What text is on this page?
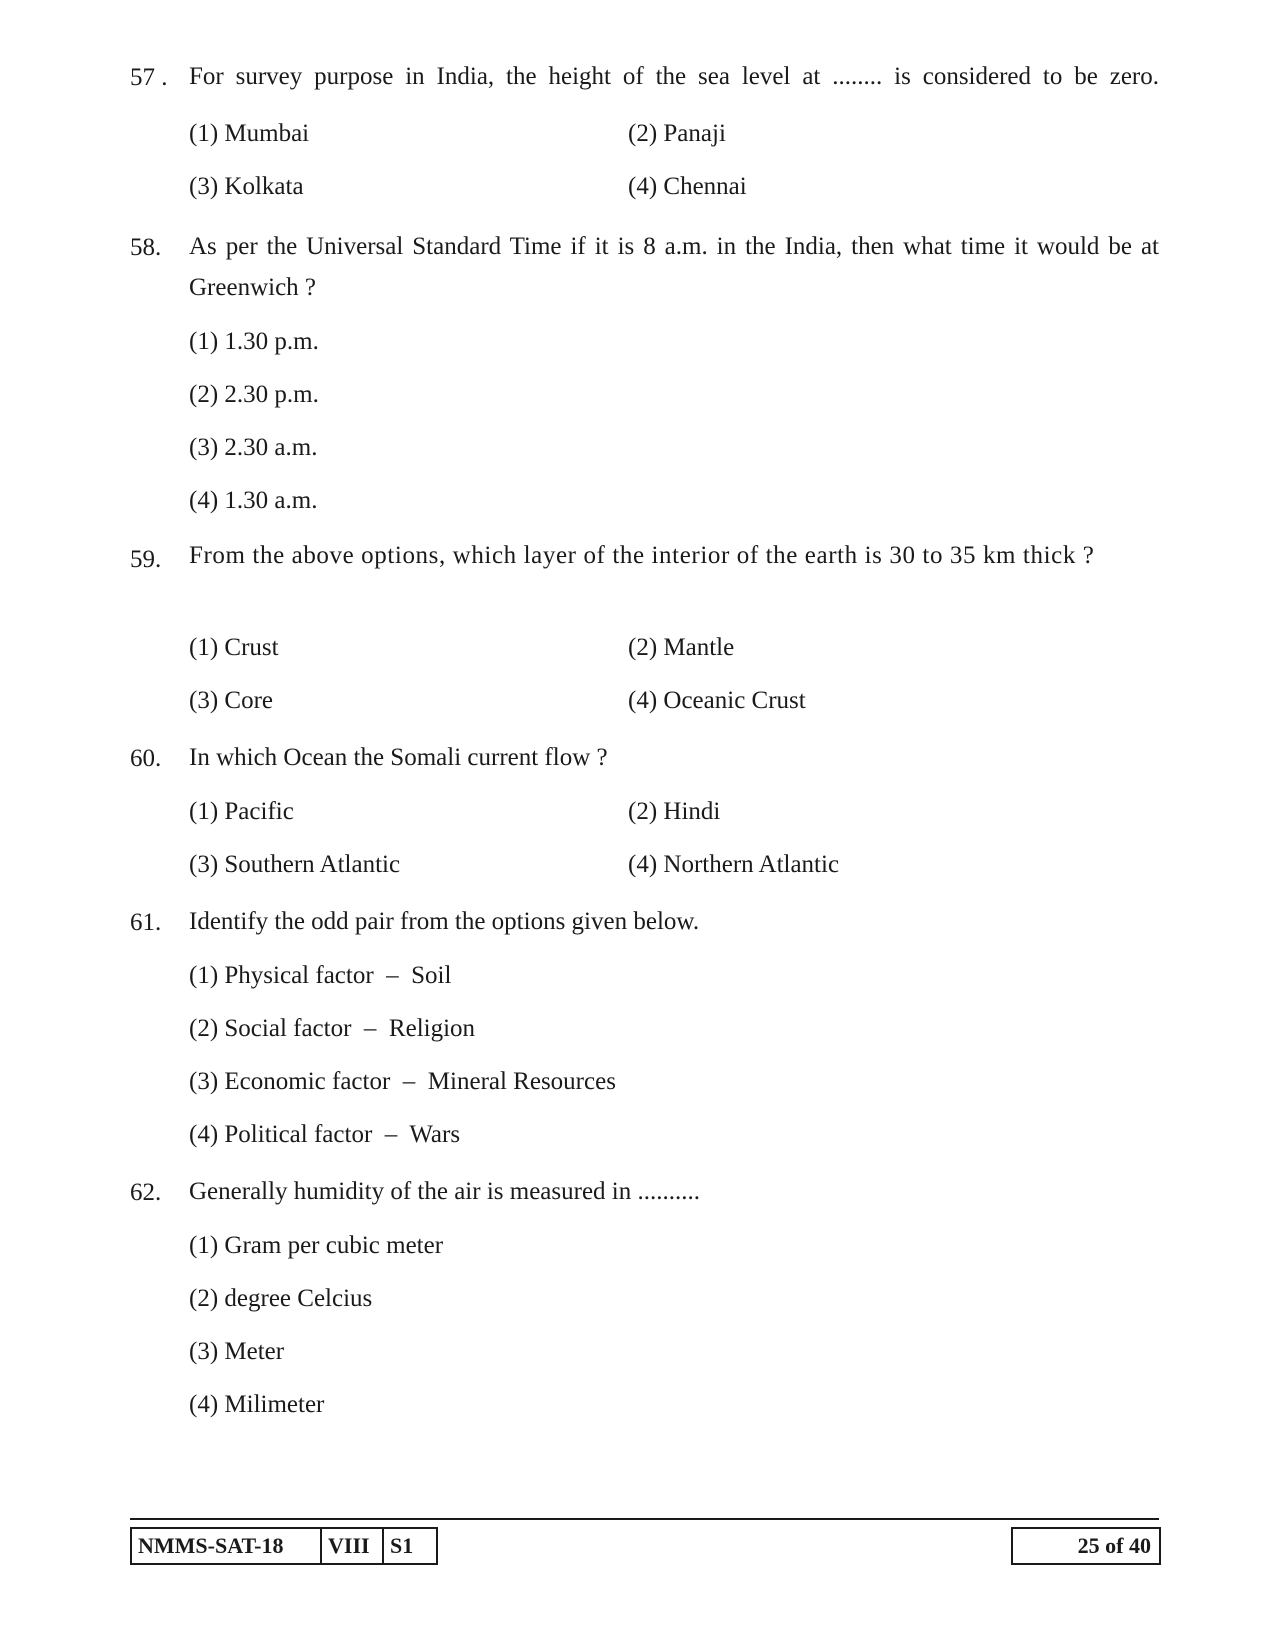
57 . For survey purpose in India, the height of the sea level at ........ is considered to be zero.
(1) Mumbai	(2) Panaji
(3) Kolkata	(4) Chennai
58. As per the Universal Standard Time if it is 8 a.m. in the India, then what time it would be at Greenwich ?
(1) 1.30 p.m.
(2) 2.30 p.m.
(3) 2.30 a.m.
(4) 1.30 a.m.
59. From the above options, which layer of the interior of the earth is 30 to 35 km thick ?
(1) Crust	(2) Mantle
(3) Core	(4) Oceanic Crust
60. In which Ocean the Somali current flow ?
(1) Pacific	(2) Hindi
(3) Southern Atlantic	(4) Northern Atlantic
61. Identify the odd pair from the options given below.
(1) Physical factor  –  Soil
(2) Social factor  –  Religion
(3) Economic factor  –  Mineral Resources
(4) Political factor  –  Wars
62. Generally humidity of the air is measured in ..........
(1) Gram per cubic meter
(2) degree Celcius
(3) Meter
(4) Milimeter
NMMS-SAT-18	VIII S1	25 of 40
